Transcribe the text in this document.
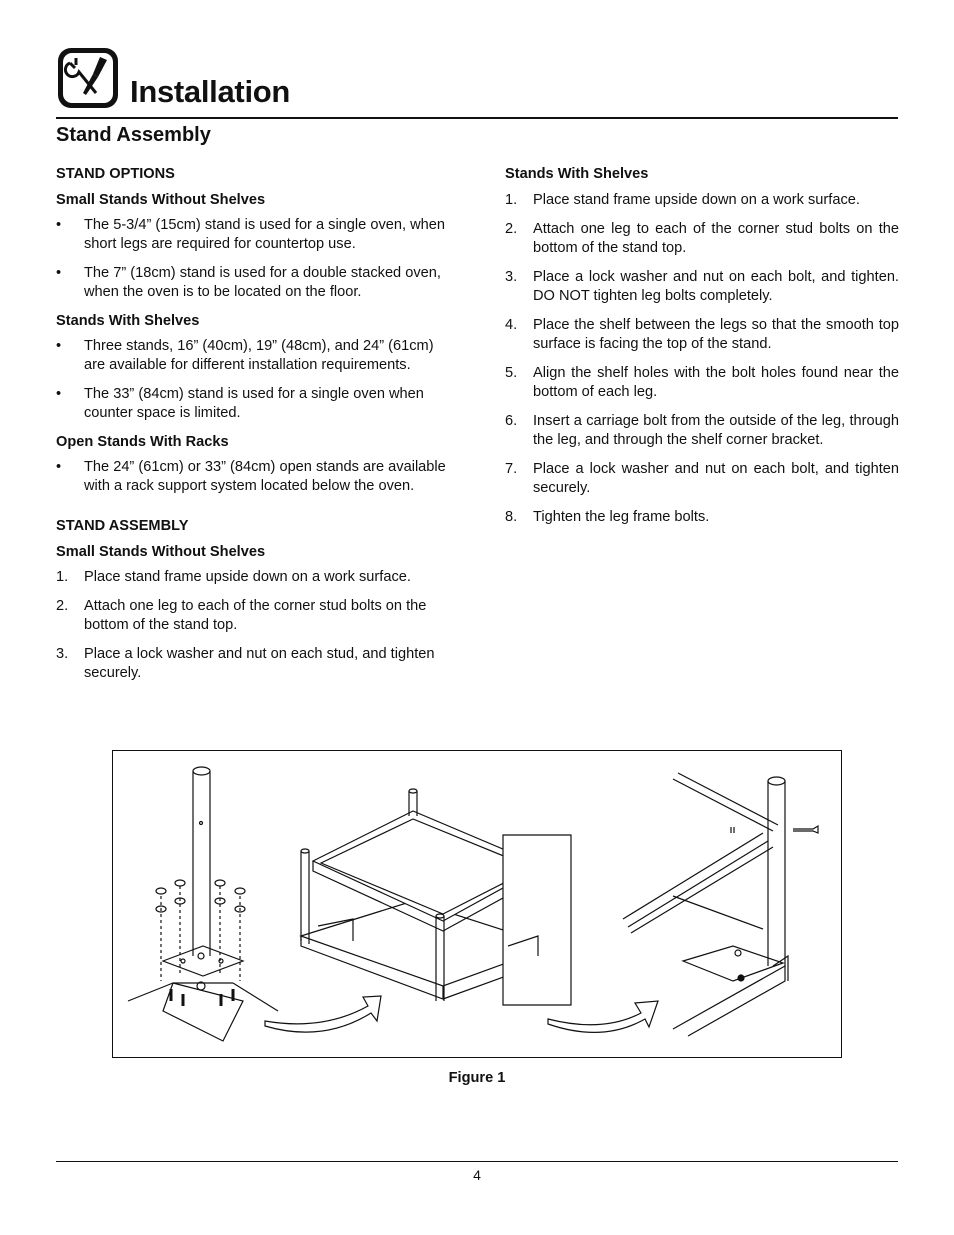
Installation
Stand Assembly
STAND OPTIONS
Small Stands Without Shelves
• The 5-3/4” (15cm) stand is used for a single oven, when short legs are required for countertop use.
• The 7” (18cm) stand is used for a double stacked oven, when the oven is to be located on the floor.
Stands With Shelves
• Three stands, 16” (40cm), 19” (48cm), and 24” (61cm) are available for different installation requirements.
• The 33” (84cm) stand is used for a single oven when counter space is limited.
Open Stands With Racks
• The 24” (61cm) or 33” (84cm) open stands are available with a rack support system located below the oven.
STAND ASSEMBLY
Small Stands Without Shelves
1. Place stand frame upside down on a work surface.
2. Attach one leg to each of the corner stud bolts on the bottom of the stand top.
3. Place a lock washer and nut on each stud, and tighten securely.
Stands With Shelves
1. Place stand frame upside down on a work surface.
2. Attach one leg to each of the corner stud bolts on the bottom of the stand top.
3. Place a lock washer and nut on each bolt, and tighten. DO NOT tighten leg bolts completely.
4. Place the shelf between the legs so that the smooth top surface is facing the top of the stand.
5. Align the shelf holes with the bolt holes found near the bottom of each leg.
6. Insert a carriage bolt from the outside of the leg, through the leg, and through the shelf corner bracket.
7. Place a lock washer and nut on each bolt, and tighten securely.
8. Tighten the leg frame bolts.
Figure 1
4
